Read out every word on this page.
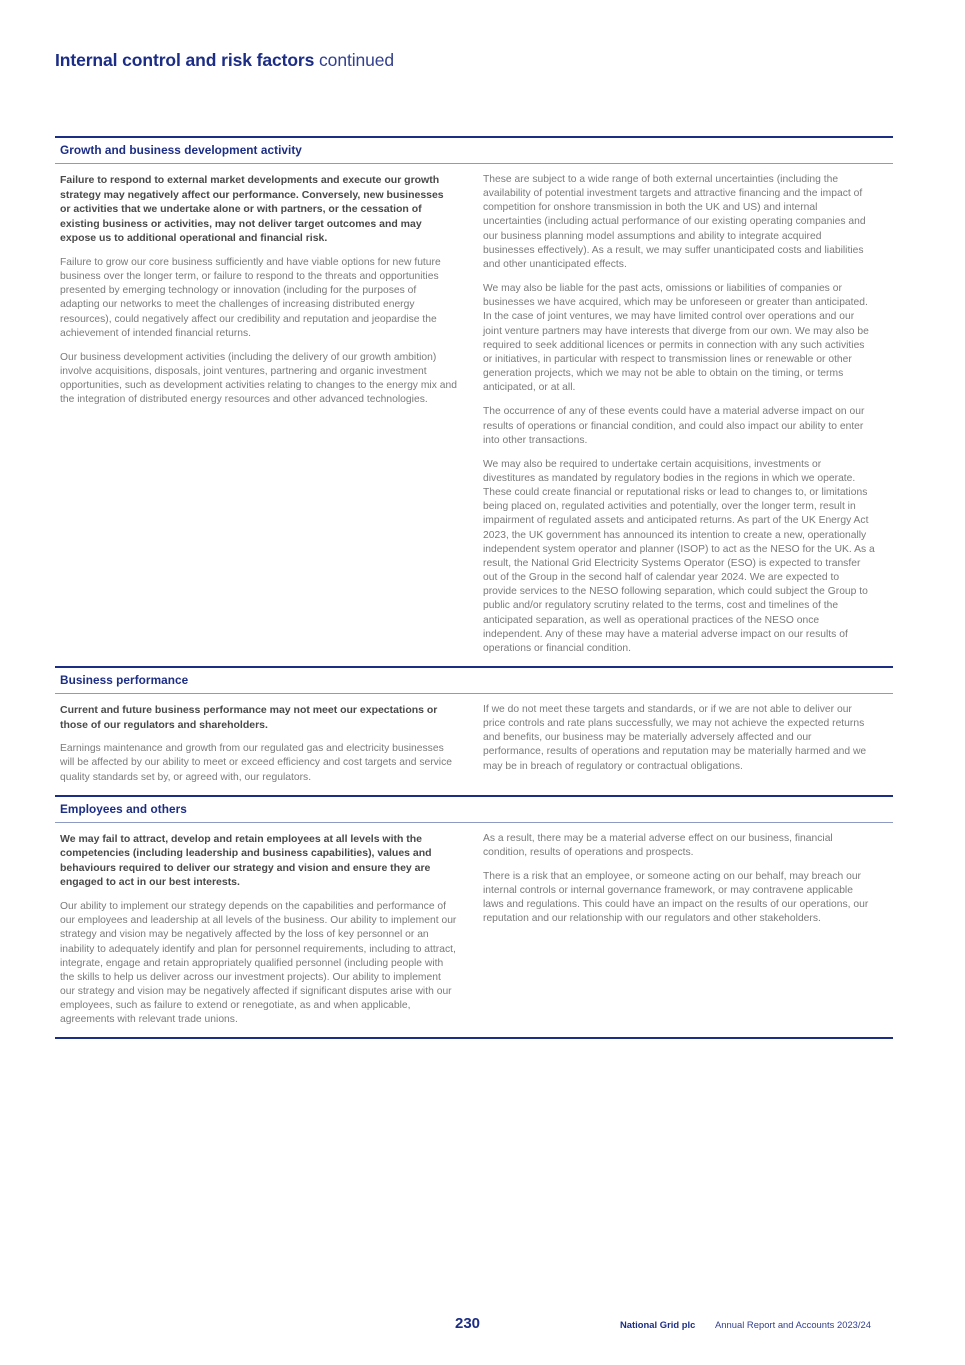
Internal control and risk factors continued
Growth and business development activity

Failure to respond to external market developments and execute our growth strategy may negatively affect our performance. Conversely, new businesses or activities that we undertake alone or with partners, or the cessation of existing business or activities, may not deliver target outcomes and may expose us to additional operational and financial risk.

Failure to grow our core business sufficiently and have viable options for new future business over the longer term, or failure to respond to the threats and opportunities presented by emerging technology or innovation (including for the purposes of adapting our networks to meet the challenges of increasing distributed energy resources), could negatively affect our credibility and reputation and jeopardise the achievement of intended financial returns.

Our business development activities (including the delivery of our growth ambition) involve acquisitions, disposals, joint ventures, partnering and organic investment opportunities, such as development activities relating to changes to the energy mix and the integration of distributed energy resources and other advanced technologies.

These are subject to a wide range of both external uncertainties (including the availability of potential investment targets and attractive financing and the impact of competition for onshore transmission in both the UK and US) and internal uncertainties (including actual performance of our existing operating companies and our business planning model assumptions and ability to integrate acquired businesses effectively). As a result, we may suffer unanticipated costs and liabilities and other unanticipated effects.

We may also be liable for the past acts, omissions or liabilities of companies or businesses we have acquired, which may be unforeseen or greater than anticipated. In the case of joint ventures, we may have limited control over operations and our joint venture partners may have interests that diverge from our own. We may also be required to seek additional licences or permits in connection with any such activities or initiatives, in particular with respect to transmission lines or renewable or other generation projects, which we may not be able to obtain on the timing, or terms anticipated, or at all.

The occurrence of any of these events could have a material adverse impact on our results of operations or financial condition, and could also impact our ability to enter into other transactions.

We may also be required to undertake certain acquisitions, investments or divestitures as mandated by regulatory bodies in the regions in which we operate. These could create financial or reputational risks or lead to changes to, or limitations being placed on, regulated activities and potentially, over the longer term, result in impairment of regulated assets and anticipated returns. As part of the UK Energy Act 2023, the UK government has announced its intention to create a new, operationally independent system operator and planner (ISOP) to act as the NESO for the UK. As a result, the National Grid Electricity Systems Operator (ESO) is expected to transfer out of the Group in the second half of calendar year 2024. We are expected to provide services to the NESO following separation, which could subject the Group to public and/or regulatory scrutiny related to the terms, cost and timelines of the anticipated separation, as well as operational practices of the NESO once independent. Any of these may have a material adverse impact on our results of operations or financial condition.

Business performance

Current and future business performance may not meet our expectations or those of our regulators and shareholders.

Earnings maintenance and growth from our regulated gas and electricity businesses will be affected by our ability to meet or exceed efficiency and cost targets and service quality standards set by, or agreed with, our regulators.

If we do not meet these targets and standards, or if we are not able to deliver our price controls and rate plans successfully, we may not achieve the expected returns and benefits, our business may be materially adversely affected and our performance, results of operations and reputation may be materially harmed and we may be in breach of regulatory or contractual obligations.

Employees and others

We may fail to attract, develop and retain employees at all levels with the competencies (including leadership and business capabilities), values and behaviours required to deliver our strategy and vision and ensure they are engaged to act in our best interests.

Our ability to implement our strategy depends on the capabilities and performance of our employees and leadership at all levels of the business. Our ability to implement our strategy and vision may be negatively affected by the loss of key personnel or an inability to adequately identify and plan for personnel requirements, including to attract, integrate, engage and retain appropriately qualified personnel (including people with the skills to help us deliver across our investment projects). Our ability to implement our strategy and vision may be negatively affected if significant disputes arise with our employees, such as failure to extend or renegotiate, as and when applicable, agreements with relevant trade unions.

As a result, there may be a material adverse effect on our business, financial condition, results of operations and prospects.

There is a risk that an employee, or someone acting on our behalf, may breach our internal controls or internal governance framework, or may contravene applicable laws and regulations. This could have an impact on the results of our operations, our reputation and our relationship with our regulators and other stakeholders.

230	National Grid plc Annual Report and Accounts 2023/24
